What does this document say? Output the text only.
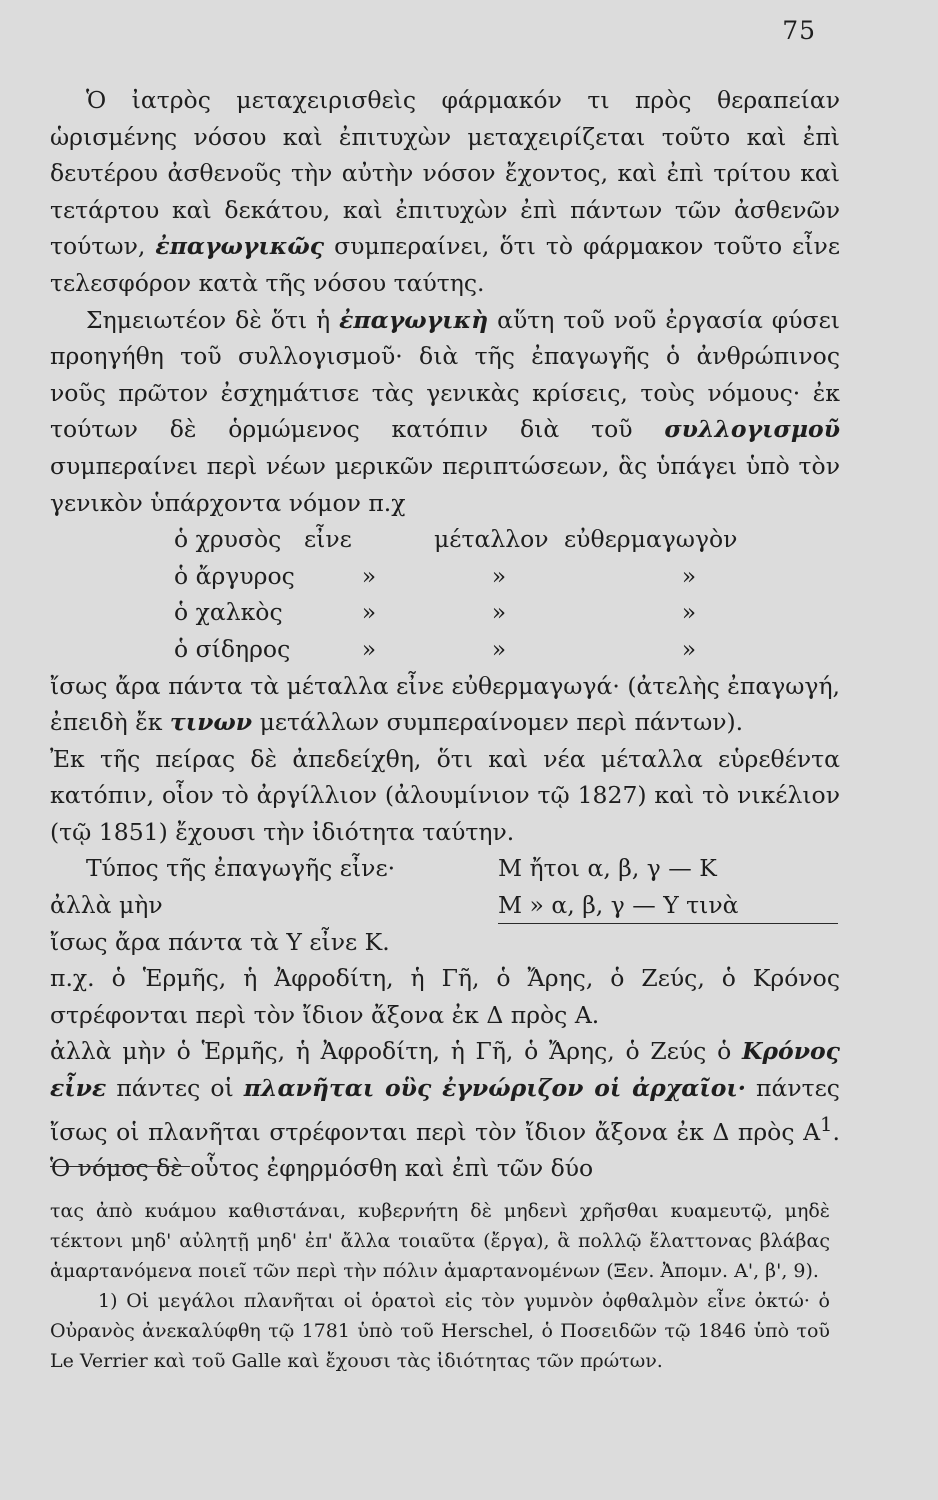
75

Ὁ ἰατρὸς μεταχειρισθεὶς φάρμακόν τι πρὸς θεραπείαν ὡρισμένης νόσου καὶ ἐπιτυχὼν μεταχειρίζεται τοῦτο καὶ ἐπὶ δευτέρου ἀσθενοῦς τὴν αὐτὴν νόσον ἔχοντος, καὶ ἐπὶ τρίτου καὶ τετάρτου καὶ δεκάτου, καὶ ἐπιτυχὼν ἐπὶ πάντων τῶν ἀσθενῶν τούτων, ἐπαγωγικῶς συμπεραίνει, ὅτι τὸ φάρμακον τοῦτο εἶνε τελεσφόρον κατὰ τῆς νόσου ταύτης.

Σημειωτέον δὲ ὅτι ἡ ἐπαγωγικὴ αὕτη τοῦ νοῦ ἐργασία φύσει προηγήθη τοῦ συλλογισμοῦ· διὰ τῆς ἐπαγωγῆς ὁ ἀνθρώπινος νοῦς πρῶτον ἐσχημάτισε τὰς γενικὰς κρίσεις, τοὺς νόμους· ἐκ τούτων δὲ ὁρμώμενος κατόπιν διὰ τοῦ συλλογισμοῦ συμπεραίνει περὶ νέων μερικῶν περιπτώσεων, ἃς ὑπάγει ὑπὸ τὸν γενικὸν ὑπάρχοντα νόμον π.χ

ὁ χρυσὸς εἶνε	μέταλλον εὐθερμαγωγὸν
ὁ ἄργυρος	»	»	»
ὁ χαλκὸς	»	»	»
ὁ σίδηρος	»	»	»

ἴσως ἄρα πάντα τὰ μέταλλα εἶνε εὐθερμαγωγά· (ἀτελὴς ἐπαγωγή, ἐπειδὴ ἔκ τινων μετάλλων συμπεραίνομεν περὶ πάντων).

Ἐκ τῆς πείρας δὲ ἀπεδείχθη, ὅτι καὶ νέα μέταλλα εὑρεθέντα κατόπιν, οἷον τὸ ἀργίλλιον (ἀλουμίνιον τῷ 1827) καὶ τὸ νικέλιον (τῷ 1851) ἔχουσι τὴν ἰδιότητα ταύτην.

Τύπος τῆς ἐπαγωγῆς εἶνε·	Μ ἤτοι α, β, γ — Κ
ἀλλὰ μὴν	Μ » α, β, γ — Υ τινὰ

ἴσως ἄρα πάντα τὰ Υ εἶνε Κ.

π.χ. ὁ Ἑρμῆς, ἡ Ἀφροδίτη, ἡ Γῆ, ὁ Ἄρης, ὁ Ζεύς, ὁ Κρόνος στρέφονται περὶ τὸν ἴδιον ἄξονα ἐκ Δ πρὸς Α.

ἀλλὰ μὴν ὁ Ἑρμῆς, ἡ Ἀφροδίτη, ἡ Γῆ, ὁ Ἄρης, ὁ Ζεύς ὁ Κρόνος εἶνε πάντες οἱ πλανῆται οὓς ἐγνώριζον οἱ ἀρχαῖοι· πάντες ἴσως οἱ πλανῆται στρέφονται περὶ τὸν ἴδιον ἄξονα ἐκ Δ πρὸς $A^1$. Ὁ νόμος δὲ οὗτος ἐφηρμόσθη καὶ ἐπὶ τῶν δύο

τας ἀπὸ κυάμου καθιστάναι, κυβερνήτη δὲ μηδενὶ χρῆσθαι κυαμευτῷ, μηδὲ τέκτονι μηδ' αὐλητῇ μηδ' ἐπ' ἄλλα τοιαῦτα (ἔργα), ἃ πολλῷ ἔλαττονας βλάβας ἁμαρτανόμενα ποιεῖ τῶν περὶ τὴν πόλιν ἁμαρτανομένων (Ξεν. Ἀπομν. Α', β', 9).

1) Οἱ μεγάλοι πλανῆται οἱ ὁρατοὶ εἰς τὸν γυμνὸν ὀφθαλμὸν εἶνε ὀκτώ· ὁ Οὐρανὸς ἀνεκαλύφθη τῷ 1781 ὑπὸ τοῦ Herschel, ὁ Ποσειδῶν τῷ 1846 ὑπὸ τοῦ Le Verrier καὶ τοῦ Galle καὶ ἔχουσι τὰς ἰδιότητας τῶν πρώτων.
